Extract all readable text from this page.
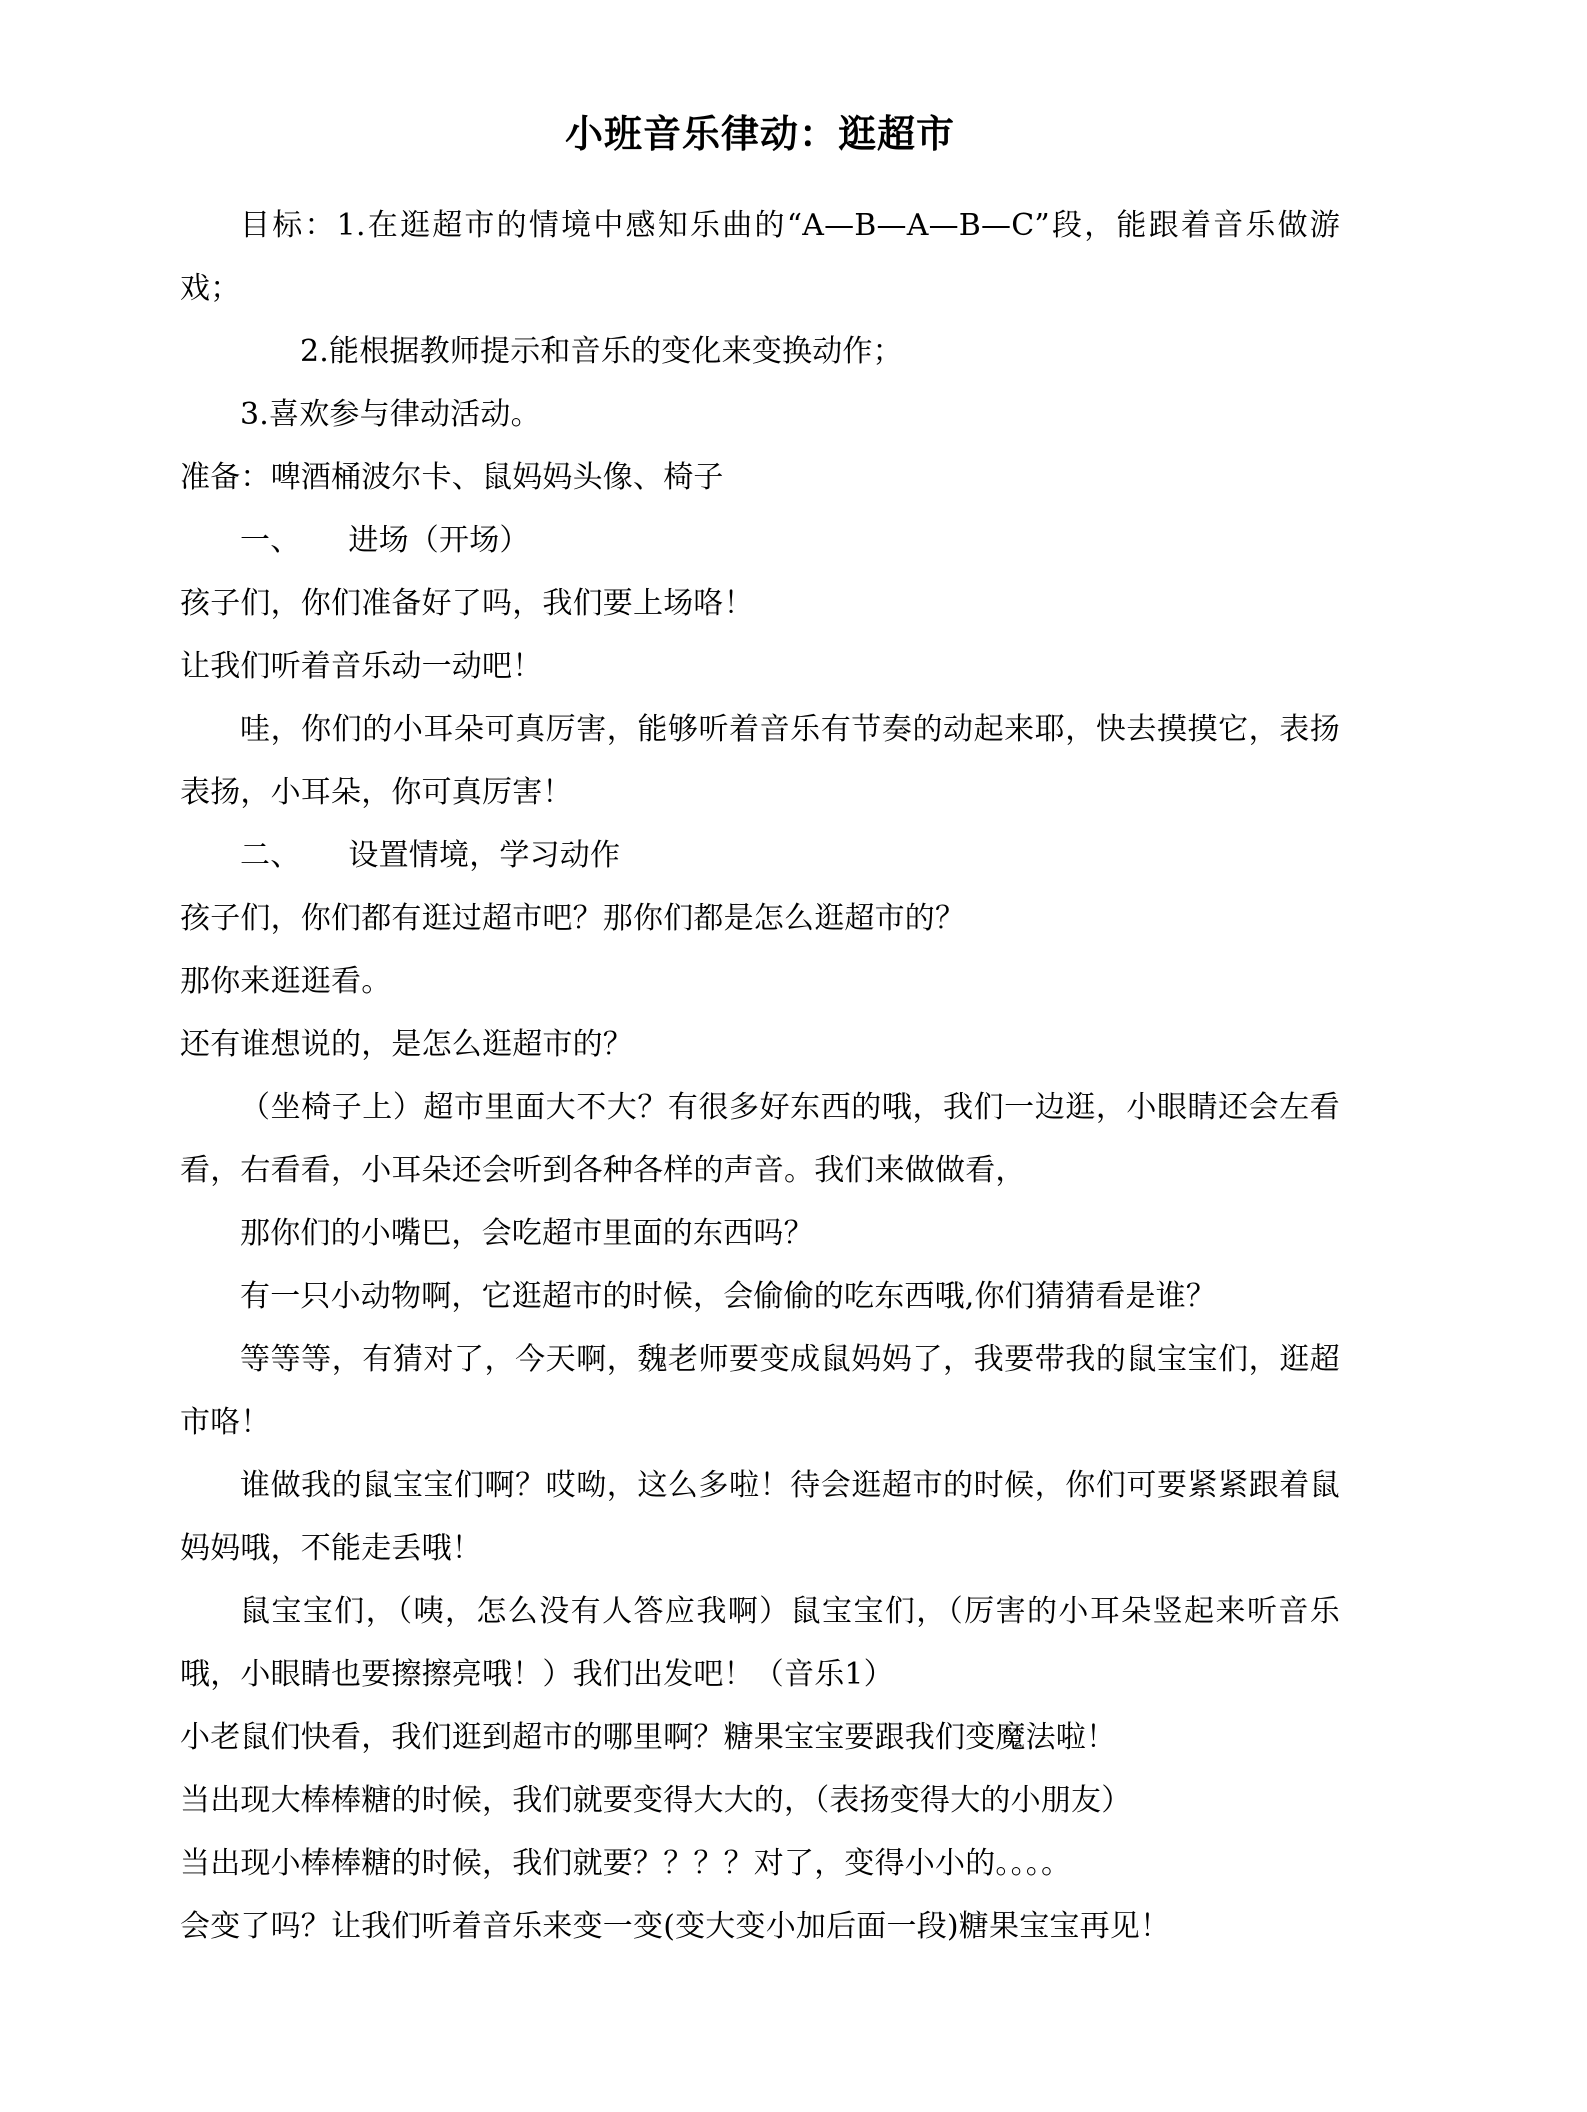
小班音乐律动：逛超市

目标：1.在逛超市的情境中感知乐曲的“A—B—A—B—C”段，能跟着音乐做游戏；

2.能根据教师提示和音乐的变化来变换动作；

3.喜欢参与律动活动。

准备：啤酒桶波尔卡、鼠妈妈头像、椅子

一、 进场（开场）

孩子们，你们准备好了吗，我们要上场咯！

让我们听着音乐动一动吧！

哇，你们的小耳朵可真厉害，能够听着音乐有节奏的动起来耶，快去摸摸它，表扬表扬，小耳朵，你可真厉害！

二、 设置情境，学习动作

孩子们，你们都有逛过超市吧？那你们都是怎么逛超市的？

那你来逛逛看。

还有谁想说的，是怎么逛超市的？

（坐椅子上）超市里面大不大？有很多好东西的哦，我们一边逛，小眼睛还会左看看，右看看，小耳朵还会听到各种各样的声音。我们来做做看，

那你们的小嘴巴，会吃超市里面的东西吗？

有一只小动物啊，它逛超市的时候，会偷偷的吃东西哦,你们猜猜看是谁？

等等等，有猜对了，今天啊，魏老师要变成鼠妈妈了，我要带我的鼠宝宝们，逛超市咯！

谁做我的鼠宝宝们啊？哎呦，这么多啦！待会逛超市的时候，你们可要紧紧跟着鼠妈妈哦，不能走丢哦！

鼠宝宝们，（咦，怎么没有人答应我啊）鼠宝宝们，（厉害的小耳朵竖起来听音乐哦，小眼睛也要擦擦亮哦！）我们出发吧！（音乐1）

小老鼠们快看，我们逛到超市的哪里啊？糖果宝宝要跟我们变魔法啦！

当出现大棒棒糖的时候，我们就要变得大大的，（表扬变得大的小朋友）

当出现小棒棒糖的时候，我们就要？？？？对了，变得小小的。。。。

会变了吗？让我们听着音乐来变一变(变大变小加后面一段)糖果宝宝再见！
